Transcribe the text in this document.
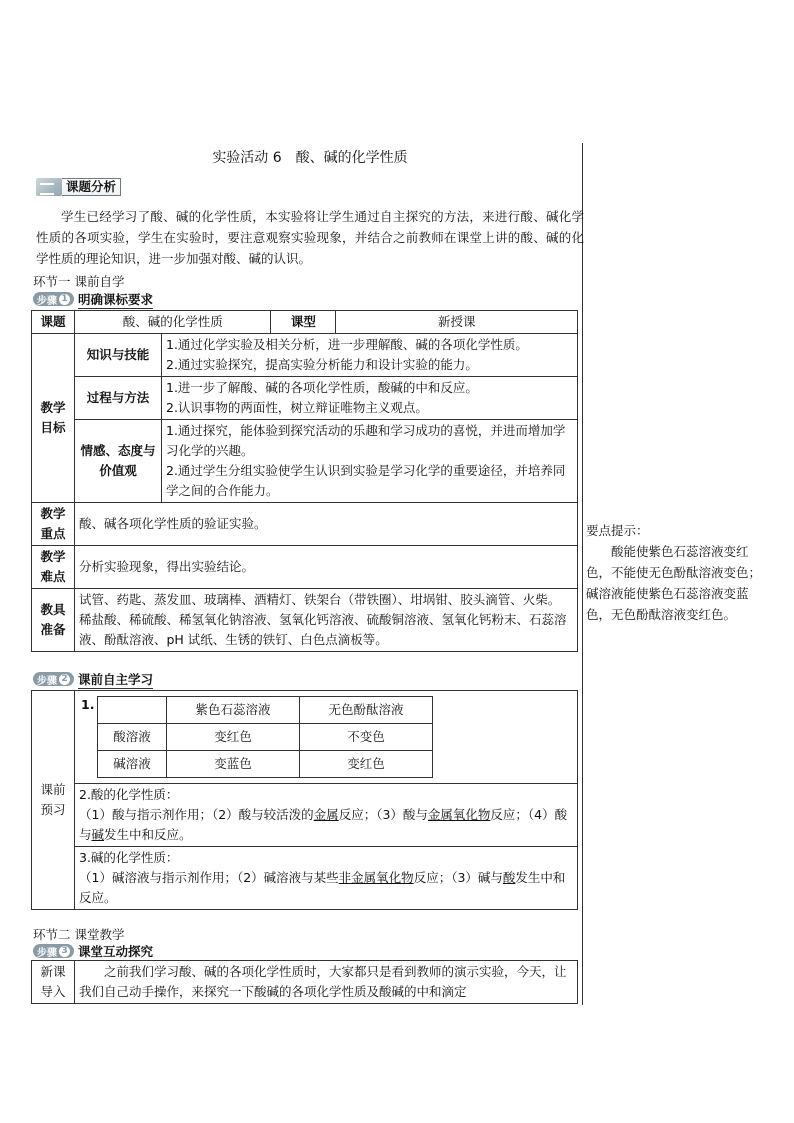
实验活动 6　酸、碱的化学性质
课题分析
学生已经学习了酸、碱的化学性质，本实验将让学生通过自主探究的方法，来进行酸、碱化学性质的各项实验，学生在实验时，要注意观察实验现象，并结合之前教师在课堂上讲的酸、碱的化学性质的理论知识，进一步加强对酸、碱的认识。
环节一 课前自学
步骤 1 明确课标要求
课题	酸、碱的化学性质		课型	新授课
教学目标	知识与技能	1.通过化学实验及相关分析，进一步理解酸、碱的各项化学性质。
2.通过实验探究，提高实验分析能力和设计实验的能力。		

	过程与方法	1.进一步了解酸、碱的各项化学性质，酸碱的中和反应。
2.认识事物的两面性，树立辩证唯物主义观点。		

	情感、态度与价值观	1.通过探究，能体验到探究活动的乐趣和学习成功的喜悦，并进而增加学习化学的兴趣。
2.通过学生分组实验使学生认识到实验是学习化学的重要途径，并培养同学之间的合作能力。		

教学重点	酸、碱各项化学性质的验证实验。			
教学难点	分析实验现象，得出实验结论。			
教具准备	试管、药匙、蒸发皿、玻璃棒、酒精灯、铁架台（带铁圈）、坩埚钳、胶头滴管、火柴。
稀盐酸、稀硫酸、稀氢氧化钠溶液、氢氧化钙溶液、硫酸铜溶液、氢氧化钙粉末、石蕊溶液、酚酞溶液、pH 试纸、生锈的铁钉、白色点滴板等。			
步骤 2 课前自主学习
课前预习	
1.
		紫色石蕊溶液	无色酚酞溶液
酸溶液	变红色	不变色
碱溶液	变蓝色	变红色

2.酸的化学性质：
（1）酸与指示剂作用；（2）酸与较活泼的金属反应；（3）酸与金属氧化物反应；（4）酸与碱发生中和反应。

3.碱的化学性质：
（1）碱溶液与指示剂作用；（2）碱溶液与某些非金属氧化物反应；（3）碱与酸发生中和反应。
环节二 课堂教学
步骤 3 课堂互动探究
新课导入	之前我们学习酸、碱的各项化学性质时，大家都只是看到教师的演示实验，今天，让我们自己动手操作，来探究一下酸碱的各项化学性质及酸碱的中和滴定
要点提示：
酸能使紫色石蕊溶液变红色，不能使无色酚酞溶液变色；碱溶液能使紫色石蕊溶液变蓝色，无色酚酞溶液变红色。
